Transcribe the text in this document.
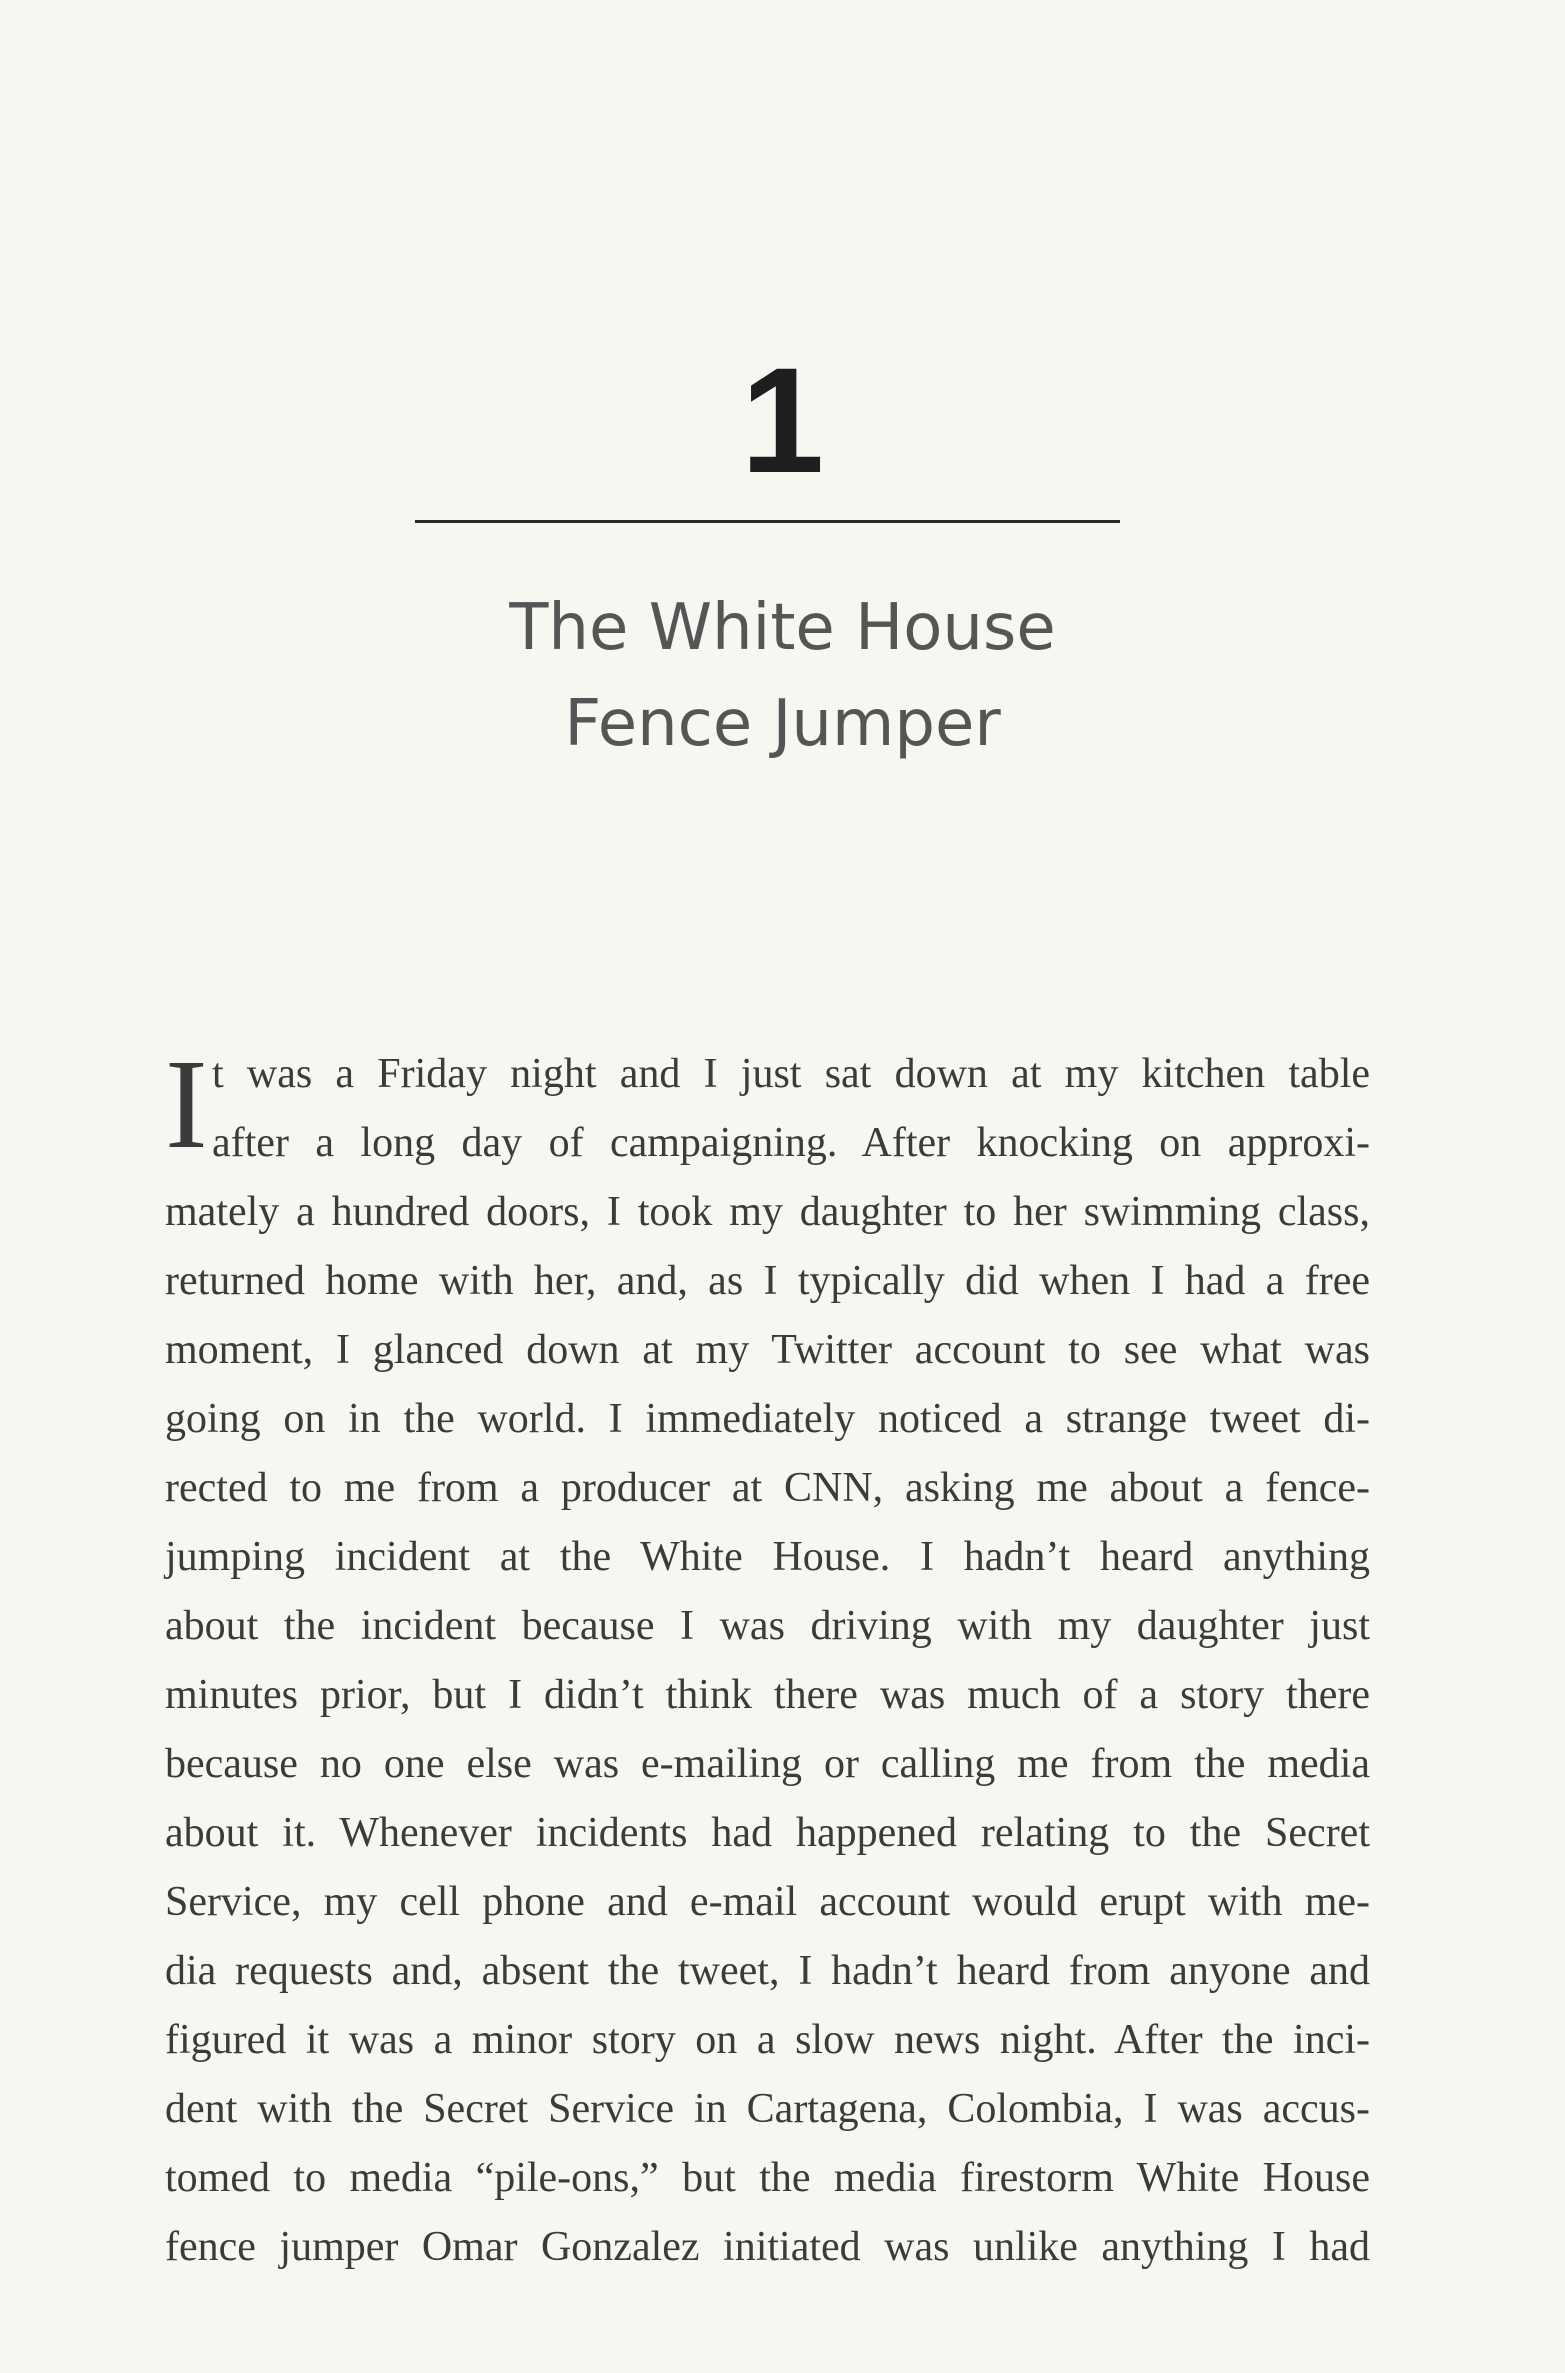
1
The White House
Fence Jumper
I t was a Friday night and I just sat down at my kitchen table
after a long day of campaigning. After knocking on approxi-
mately a hundred doors, I took my daughter to her swimming class,
returned home with her, and, as I typically did when I had a free
moment, I glanced down at my Twitter account to see what was
going on in the world. I immediately noticed a strange tweet di-
rected to me from a producer at CNN, asking me about a fence-
jumping incident at the White House. I hadn’t heard anything
about the incident because I was driving with my daughter just
minutes prior, but I didn’t think there was much of a story there
because no one else was e-mailing or calling me from the media
about it. Whenever incidents had happened relating to the Secret
Service, my cell phone and e-mail account would erupt with me-
dia requests and, absent the tweet, I hadn’t heard from anyone and
figured it was a minor story on a slow news night. After the inci-
dent with the Secret Service in Cartagena, Colombia, I was accus-
tomed to media “pile-ons,” but the media firestorm White House
fence jumper Omar Gonzalez initiated was unlike anything I had
